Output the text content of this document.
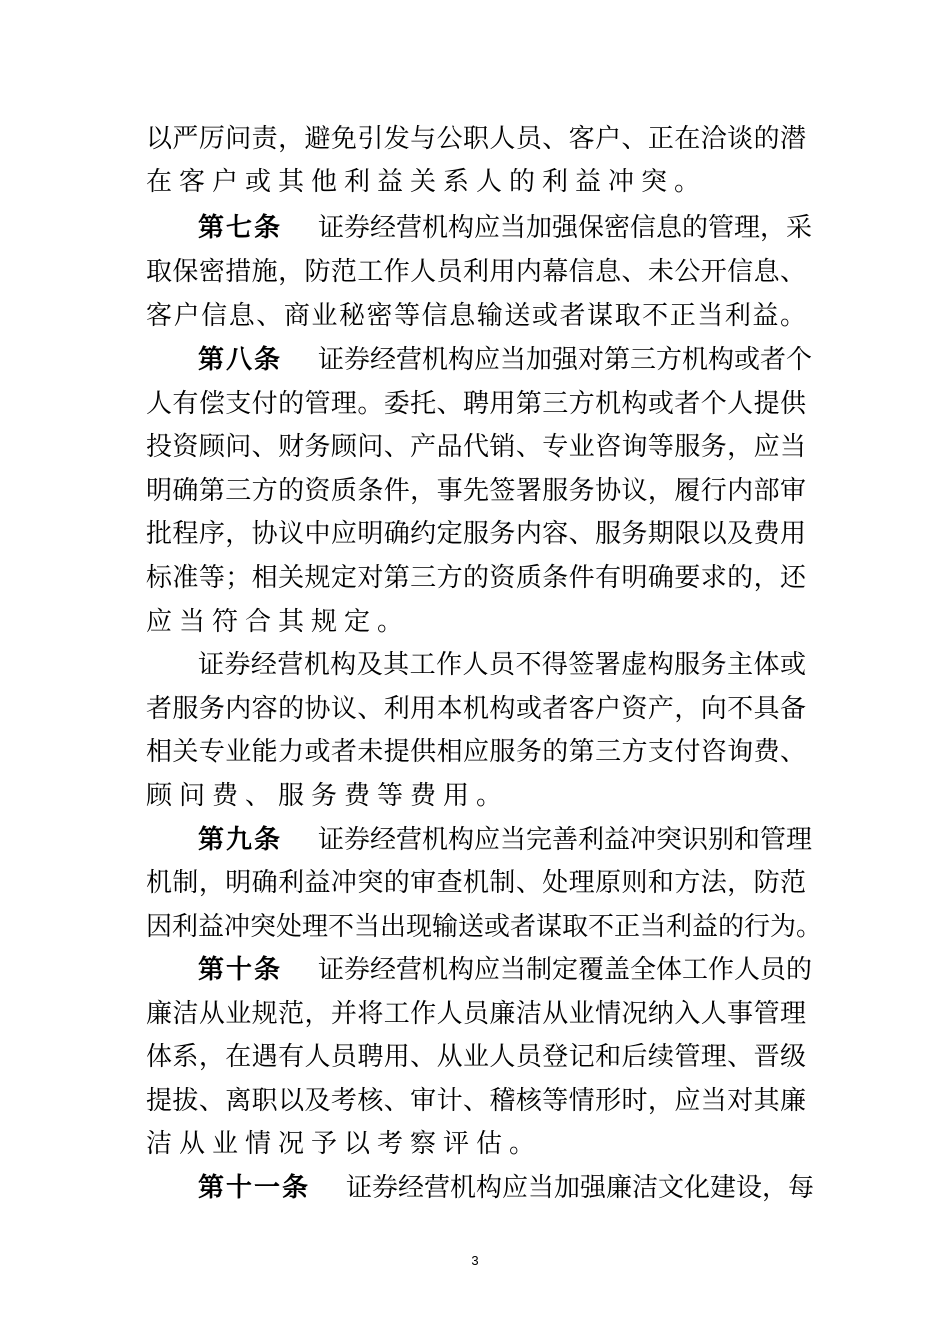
以严厉问责，避免引发与公职人员、客户、正在洽谈的潜
在客户或其他利益关系人的利益冲突。
第七条 证券经营机构应当加强保密信息的管理，采
取保密措施，防范工作人员利用内幕信息、未公开信息、
客户信息、商业秘密等信息输送或者谋取不正当利益。
第八条 证券经营机构应当加强对第三方机构或者个
人有偿支付的管理。委托、聘用第三方机构或者个人提供
投资顾问、财务顾问、产品代销、专业咨询等服务，应当
明确第三方的资质条件，事先签署服务协议，履行内部审
批程序，协议中应明确约定服务内容、服务期限以及费用
标准等；相关规定对第三方的资质条件有明确要求的，还
应当符合其规定。
证券经营机构及其工作人员不得签署虚构服务主体或
者服务内容的协议、利用本机构或者客户资产，向不具备
相关专业能力或者未提供相应服务的第三方支付咨询费、
顾问费、服务费等费用。
第九条 证券经营机构应当完善利益冲突识别和管理
机制，明确利益冲突的审查机制、处理原则和方法，防范
因利益冲突处理不当出现输送或者谋取不正当利益的行为。
第十条 证券经营机构应当制定覆盖全体工作人员的
廉洁从业规范，并将工作人员廉洁从业情况纳入人事管理
体系，在遇有人员聘用、从业人员登记和后续管理、晋级
提拔、离职以及考核、审计、稽核等情形时，应当对其廉
洁从业情况予以考察评估。
第十一条 证券经营机构应当加强廉洁文化建设，每
3
